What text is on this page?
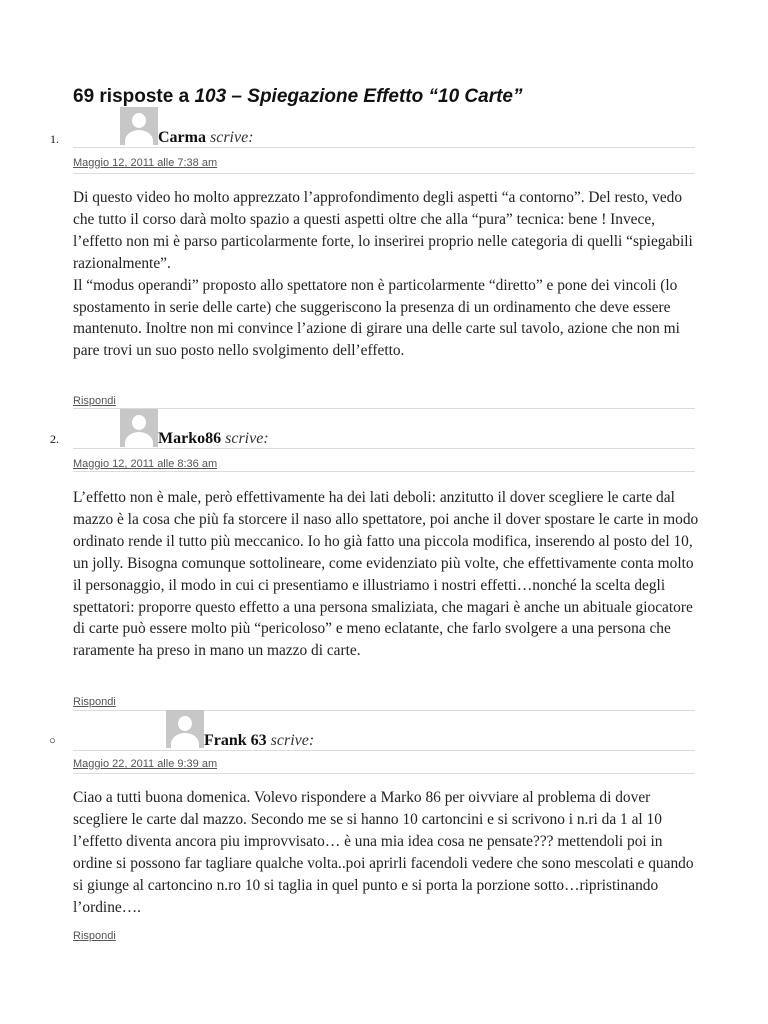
69 risposte a 103 – Spiegazione Effetto “10 Carte”
1.	Carma scrive:
Maggio 12, 2011 alle 7:38 am

Di questo video ho molto apprezzato l’approfondimento degli aspetti “a contorno”. Del resto, vedo che tutto il corso darà molto spazio a questi aspetti oltre che alla “pura” tecnica: bene ! Invece, l’effetto non mi è parso particolarmente forte, lo inserirei proprio nelle categoria di quelli “spiegabili razionalmente”.

Il “modus operandi” proposto allo spettatore non è particolarmente “diretto” e pone dei vincoli (lo spostamento in serie delle carte) che suggeriscono la presenza di un ordinamento che deve essere mantenuto. Inoltre non mi convince l’azione di girare una delle carte sul tavolo, azione che non mi pare trovi un suo posto nello svolgimento dell’effetto.

Rispondi
2.	Marko86 scrive:
Maggio 12, 2011 alle 8:36 am

L’effetto non è male, però effettivamente ha dei lati deboli: anzitutto il dover scegliere le carte dal mazzo è la cosa che più fa storcere il naso allo spettatore, poi anche il dover spostare le carte in modo ordinato rende il tutto più meccanico. Io ho già fatto una piccola modifica, inserendo al posto del 10, un jolly. Bisogna comunque sottolineare, come evidenziato più volte, che effettivamente conta molto il personaggio, il modo in cui ci presentiamo e illustriamo i nostri effetti…nonché la scelta degli spettatori: proporre questo effetto a una persona smaliziata, che magari è anche un abituale giocatore di carte può essere molto più “pericoloso” e meno eclatante, che farlo svolgere a una persona che raramente ha preso in mano un mazzo di carte.

Rispondi
○	Frank 63 scrive:
Maggio 22, 2011 alle 9:39 am

Ciao a tutti buona domenica. Volevo rispondere a Marko 86 per oivviare al problema di dover scegliere le carte dal mazzo. Secondo me se si hanno 10 cartoncini e si scrivono i n.ri da 1 al 10 l’effetto diventa ancora piu improvvisato… è una mia idea cosa ne pensate??? mettendoli poi in ordine si possono far tagliare qualche volta..poi aprirli facendoli vedere che sono mescolati e quando si giunge al cartoncino n.ro 10 si taglia in quel punto e si porta la porzione sotto…ripristinando l’ordine….

Rispondi
